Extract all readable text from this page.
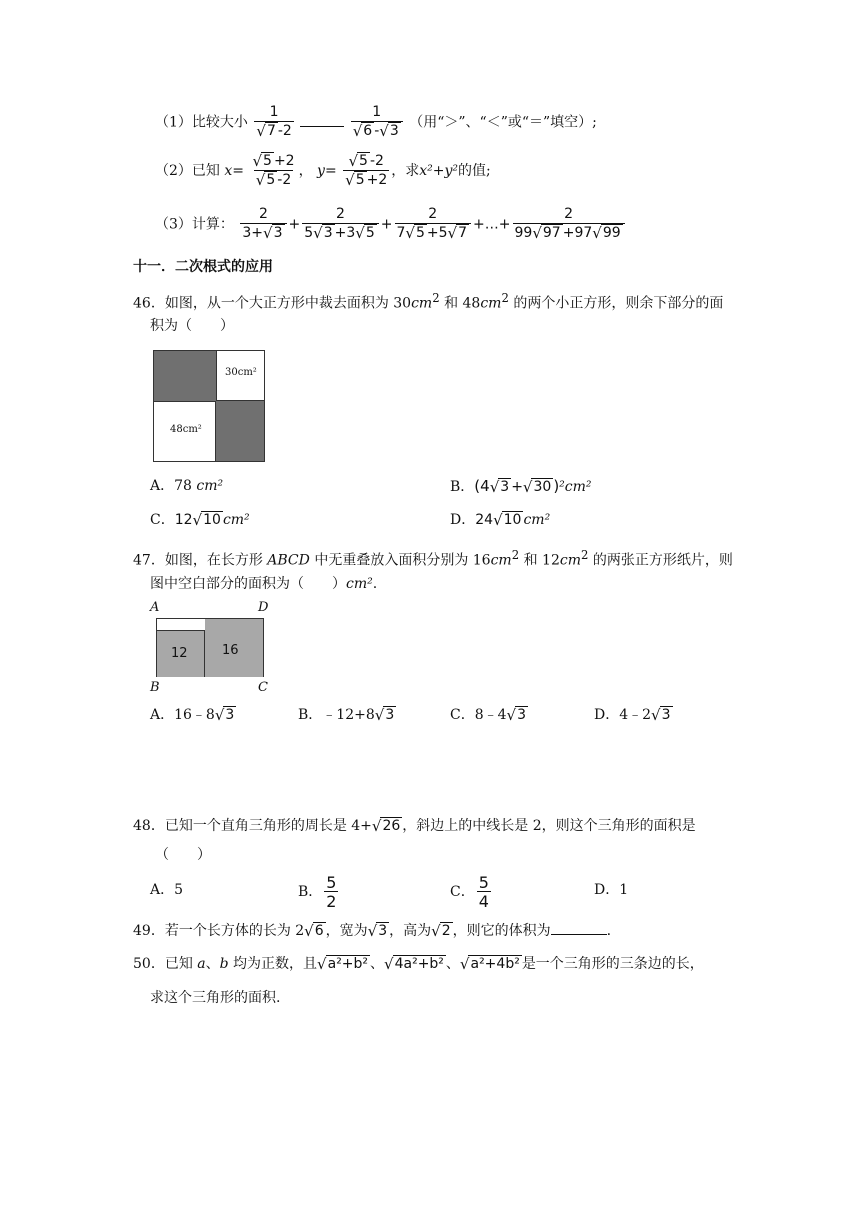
（1）比较大小 $\frac{1}{√ 7 -2}$
	$\frac{1}{√ 6 - √ 3}$ （用“＞”、“＜”或“＝”填空）;
（2）已知 $x= \frac{√ 5 +2}{√ 5 -2}$ ， $y= \frac{√ 5 -2}{√ 5 +2}$ ，求x²+y²的值;
（3）计算： $\frac{2}{3+ √ 3} + \frac{2}{5 √ 3 +3 √ 5} + \frac{2}{7 √ 5 +5 √ 7}$ +…+ $\frac{2}{99 √ 97 +97 √ 99}$
十一．二次根式的应用
46．如图，从一个大正方形中裁去面积为 $30cm^2$ 和 $48cm^2$ 的两个小正方形，则余下部分的面
积为（　　）
30cm²
48cm²
A．78 cm²	B．(4 √ 3 + √ 30 )²cm²
C．12 √ 10 cm²	D．24 √ 10 cm²
47．如图，在长方形 ABCD 中无重叠放入面积分别为 $16cm^2$ 和 $12cm^2$ 的两张正方形纸片，则
图中空白部分的面积为（　　）cm².
A	D
12	16
B	C
A．16﹣8 √ 3	B．﹣12+8 √ 3	C．8﹣4 √ 3	D．4﹣2 √ 3
48．已知一个直角三角形的周长是 4+ √ 26 ，斜边上的中线长是 2，则这个三角形的面积是
（　　）
A．5	B． $\frac{5}{2}$	C． $\frac{5}{4}$	D．1
49．若一个长方体的长为 2 √ 6 ，宽为 √ 3 ，高为 √ 2 ，则它的体积为	.
50．已知 a、b 均为正数，且 √ a²+b² 、 √ 4a²+b² 、 √ a²+4b² 是一个三角形的三条边的长，
求这个三角形的面积.
